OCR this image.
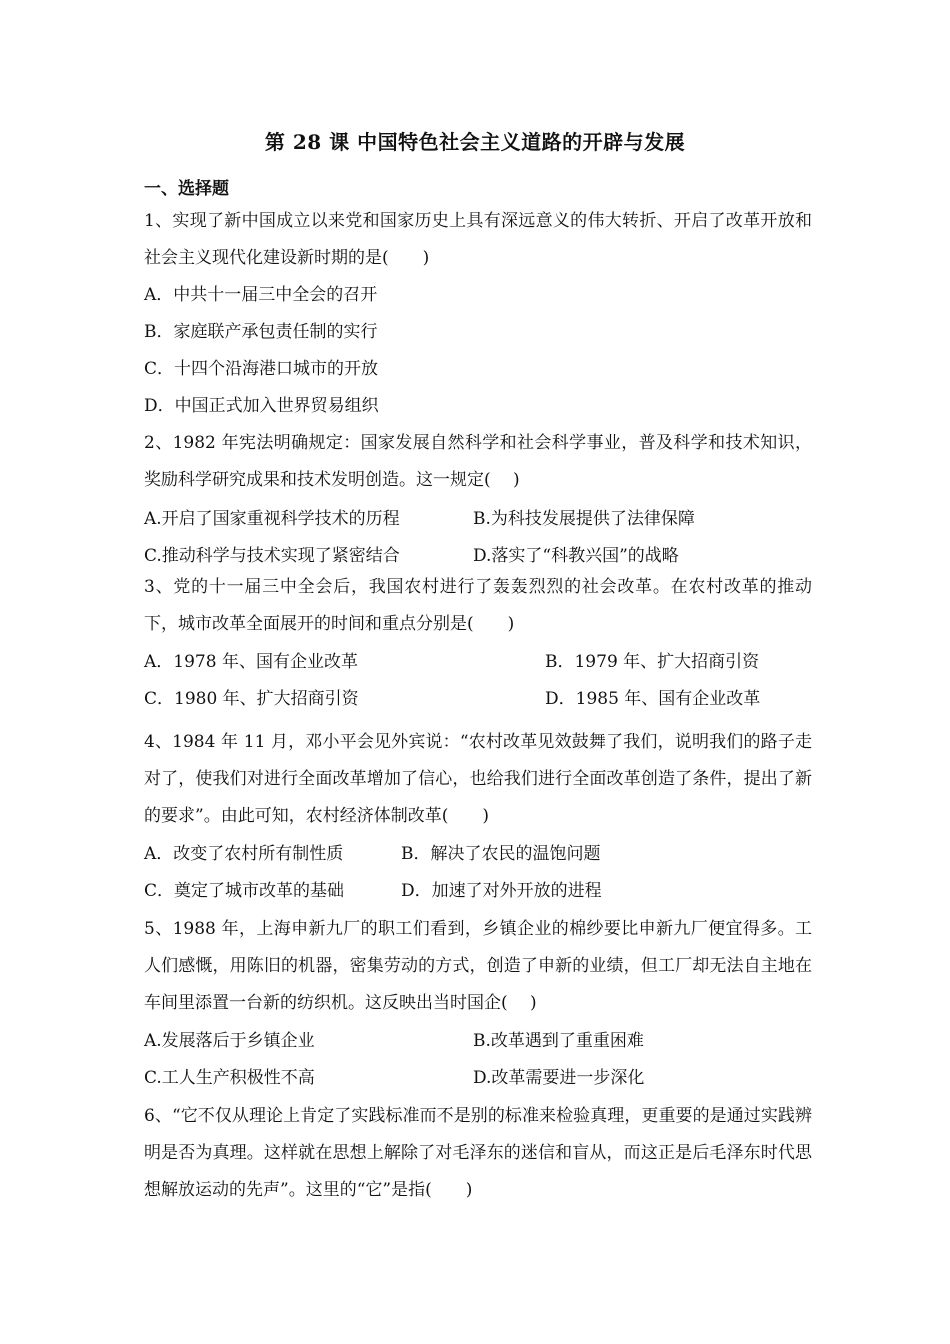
第 28 课 中国特色社会主义道路的开辟与发展
一、选择题
1、实现了新中国成立以来党和国家历史上具有深远意义的伟大转折、开启了改革开放和社会主义现代化建设新时期的是(　　)
A．中共十一届三中全会的召开
B．家庭联产承包责任制的实行
C．十四个沿海港口城市的开放
D．中国正式加入世界贸易组织
2、1982 年宪法明确规定：国家发展自然科学和社会科学事业，普及科学和技术知识，奖励科学研究成果和技术发明创造。这一规定(　 )
A.开启了国家重视科学技术的历程	B.为科技发展提供了法律保障
C.推动科学与技术实现了紧密结合	D.落实了“科教兴国”的战略
3、党的十一届三中全会后，我国农村进行了轰轰烈烈的社会改革。在农村改革的推动下，城市改革全面展开的时间和重点分别是(　　)
A．1978 年、国有企业改革	B．1979 年、扩大招商引资
C．1980 年、扩大招商引资	D．1985 年、国有企业改革
4、1984 年 11 月，邓小平会见外宾说：“农村改革见效鼓舞了我们，说明我们的路子走对了，使我们对进行全面改革增加了信心，也给我们进行全面改革创造了条件，提出了新的要求”。由此可知，农村经济体制改革(　　)
A．改变了农村所有制性质	B．解决了农民的温饱问题
C．奠定了城市改革的基础	D．加速了对外开放的进程
5、1988 年，上海申新九厂的职工们看到，乡镇企业的棉纱要比申新九厂便宜得多。工人们感慨，用陈旧的机器，密集劳动的方式，创造了申新的业绩，但工厂却无法自主地在车间里添置一台新的纺织机。这反映出当时国企(　 )
A.发展落后于乡镇企业	B.改革遇到了重重困难
C.工人生产积极性不高	D.改革需要进一步深化
6、“它不仅从理论上肯定了实践标准而不是别的标准来检验真理，更重要的是通过实践辨明是否为真理。这样就在思想上解除了对毛泽东的迷信和盲从，而这正是后毛泽东时代思想解放运动的先声”。这里的“它”是指(　　)
